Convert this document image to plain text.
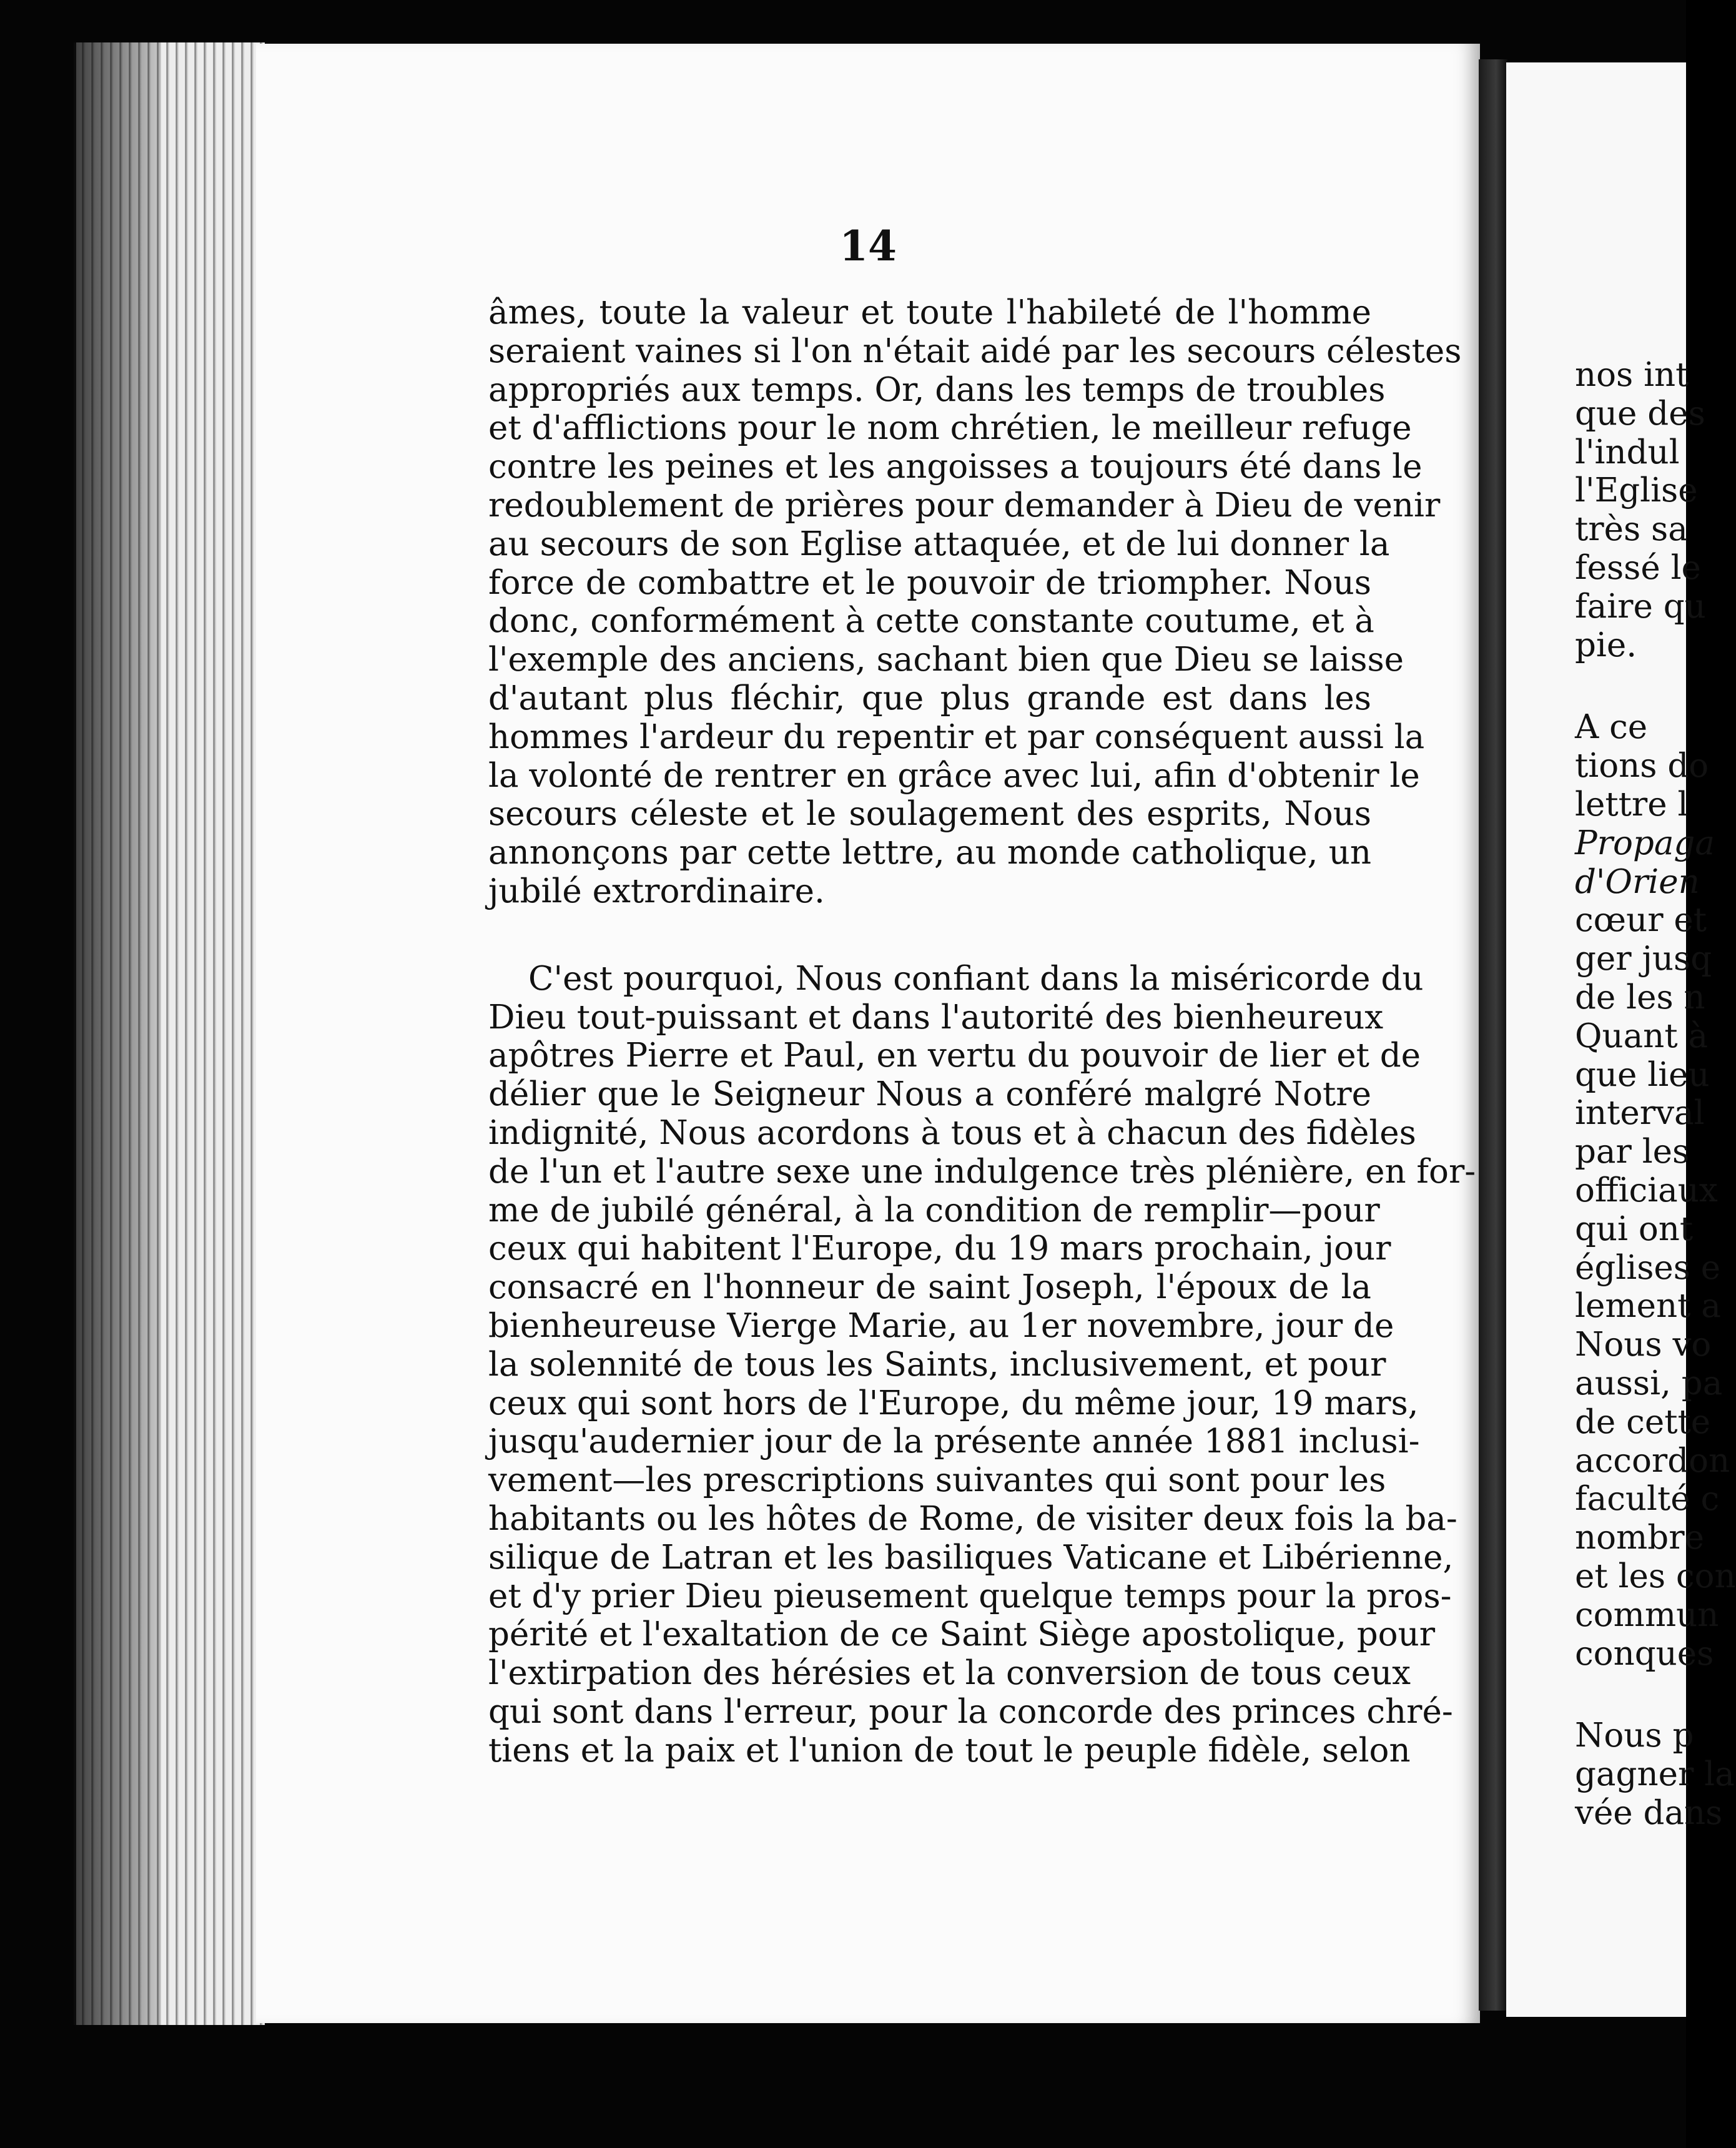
14

âmes, toute la valeur et toute l'habileté de l'homme
seraient vaines si l'on n'était aidé par les secours célestes
appropriés aux temps. Or, dans les temps de troubles
et d'afflictions pour le nom chrétien, le meilleur refuge
contre les peines et les angoisses a toujours été dans le
redoublement de prières pour demander à Dieu de venir
au secours de son Eglise attaquée, et de lui donner la
force de combattre et le pouvoir de triompher. Nous
donc, conformément à cette constante coutume, et à
l'exemple des anciens, sachant bien que Dieu se laisse
d'autant plus fléchir, que plus grande est dans les
hommes l'ardeur du repentir et par conséquent aussi la
la volonté de rentrer en grâce avec lui, afin d'obtenir le
secours céleste et le soulagement des esprits, Nous
annonçons par cette lettre, au monde catholique, un
jubilé extrordinaire.

C'est pourquoi, Nous confiant dans la miséricorde du
Dieu tout-puissant et dans l'autorité des bienheureux
apôtres Pierre et Paul, en vertu du pouvoir de lier et de
délier que le Seigneur Nous a conféré malgré Notre
indignité, Nous acordons à tous et à chacun des fidèles
de l'un et l'autre sexe une indulgence très plénière, en for-
me de jubilé général, à la condition de remplir—pour
ceux qui habitent l'Europe, du 19 mars prochain, jour
consacré en l'honneur de saint Joseph, l'époux de la
bienheureuse Vierge Marie, au 1er novembre, jour de
la solennité de tous les Saints, inclusivement, et pour
ceux qui sont hors de l'Europe, du même jour, 19 mars,
jusqu'audernier jour de la présente année 1881 inclusi-
vement—les prescriptions suivantes qui sont pour les
habitants ou les hôtes de Rome, de visiter deux fois la ba-
silique de Latran et les basiliques Vaticane et Libérienne,
et d'y prier Dieu pieusement quelque temps pour la pros-
périté et l'exaltation de ce Saint Siège apostolique, pour
l'extirpation des hérésies et la conversion de tous ceux
qui sont dans l'erreur, pour la concorde des princes chré-
tiens et la paix et l'union de tout le peuple fidèle, selon

nos int
que des
l'indul
l'Eglise
très sa
fessé le
faire qu
pie.
A ce
tions do
lettre l
Propaga
d'Orien
cœur et
ger jusq
de les n
Quant à
que lieu
interval
par les
officiaux
qui ont
églises e
lement a
Nous vo
aussi, pa
de cette
accordon
faculté c
nombre
et les con
commun
conques
Nous p
gagner la
vée dans
